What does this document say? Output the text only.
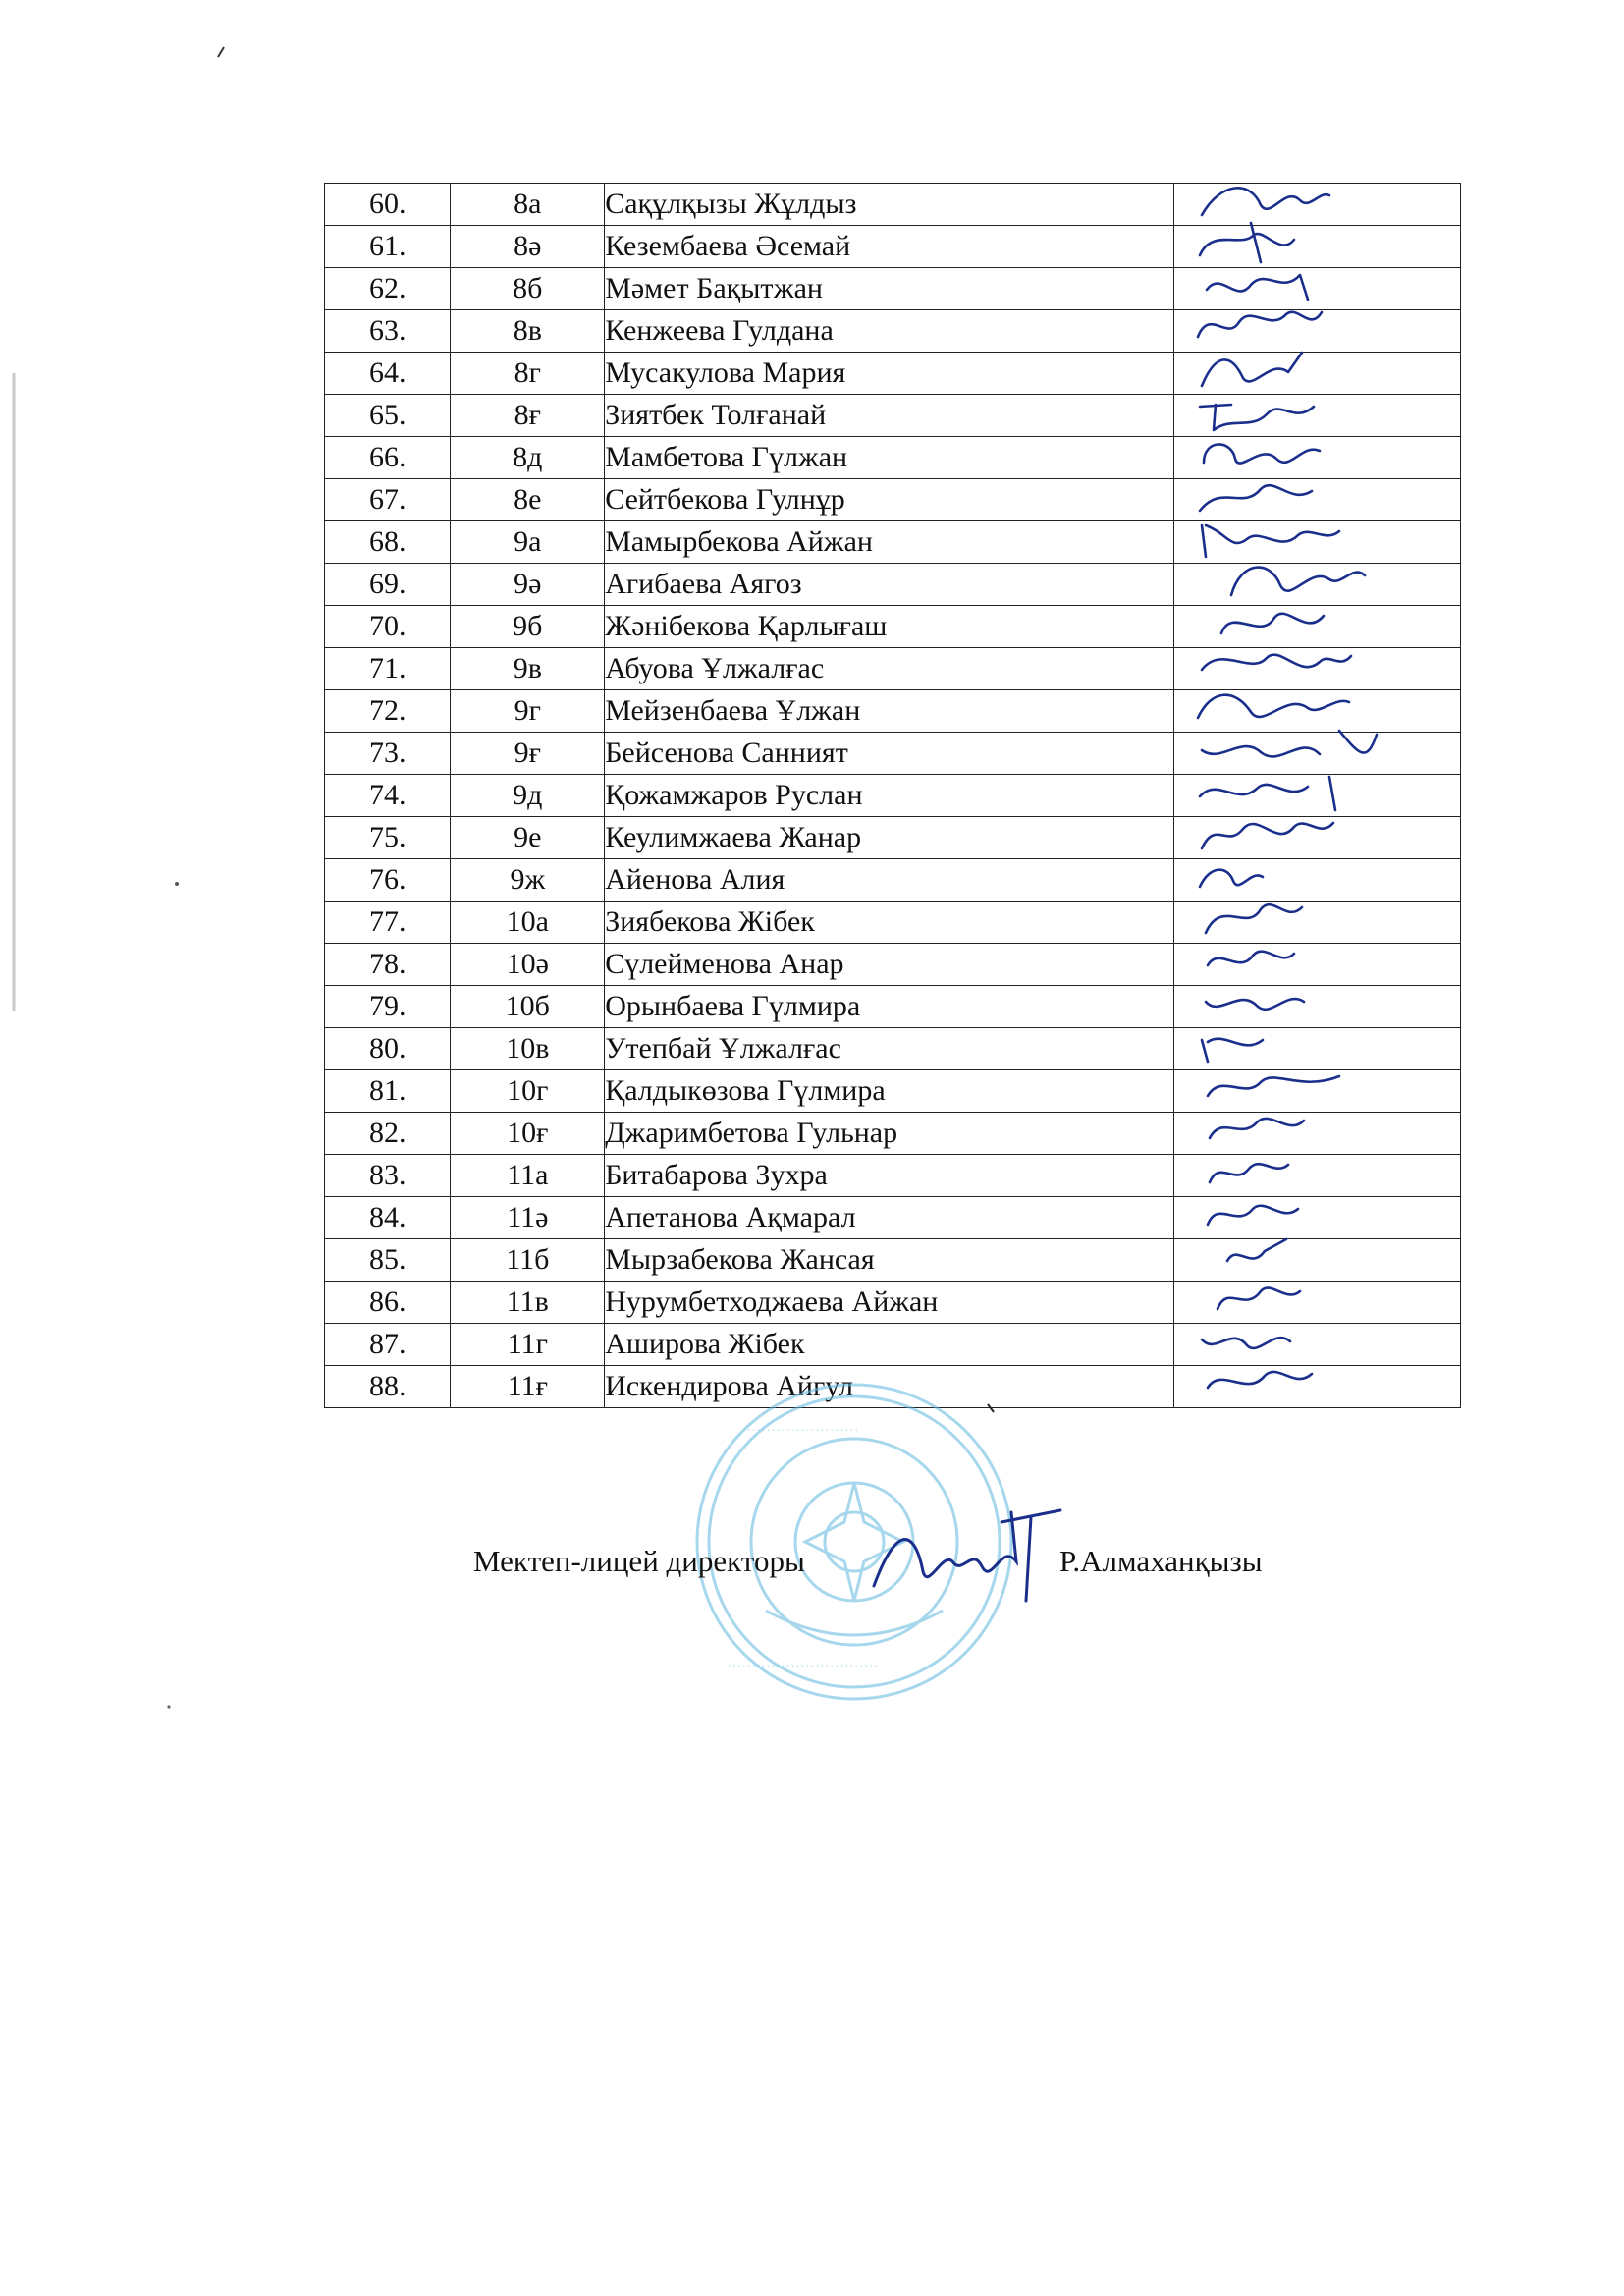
60.	8а	Сақұлқызы Жұлдыз	

61.	8ә	Кезембаева Әсемай	

62.	8б	Мәмет Бақытжан	

63.	8в	Кенжеева Гулдана	

64.	8г	Мусакулова Мария	

65.	8ғ	Зиятбек Толғанай	

66.	8д	Мамбетова Гүлжан	

67.	8е	Сейтбекова Гулнұр	

68.	9а	Мамырбекова Айжан	

69.	9ә	Агибаева Аягоз	

70.	9б	Жәнібекова Қарлығаш	

71.	9в	Абуова Ұлжалғас	

72.	9г	Мейзенбаева Ұлжан	

73.	9ғ	Бейсенова Санният	

74.	9д	Қожамжаров Руслан	

75.	9е	Кеулимжаева Жанар	

76.	9ж	Айенова Алия	

77.	10а	Зиябекова Жібек	

78.	10ә	Сүлейменова Анар	

79.	10б	Орынбаева Гүлмира	

80.	10в	Утепбай Ұлжалғас	

81.	10г	Қалдыкөзова Гүлмира	

82.	10ғ	Джаримбетова Гульнар	

83.	11а	Битабарова Зухра	

84.	11ә	Апетанова Ақмарал	

85.	11б	Мырзабекова Жансая	

86.	11в	Нурумбетходжаева Айжан	

87.	11г	Аширова Жібек	

88.	11ғ	Искендирова Айгул	
·······················
·······························
Мектеп-лицей директоры	Р.Алмаханқызы
